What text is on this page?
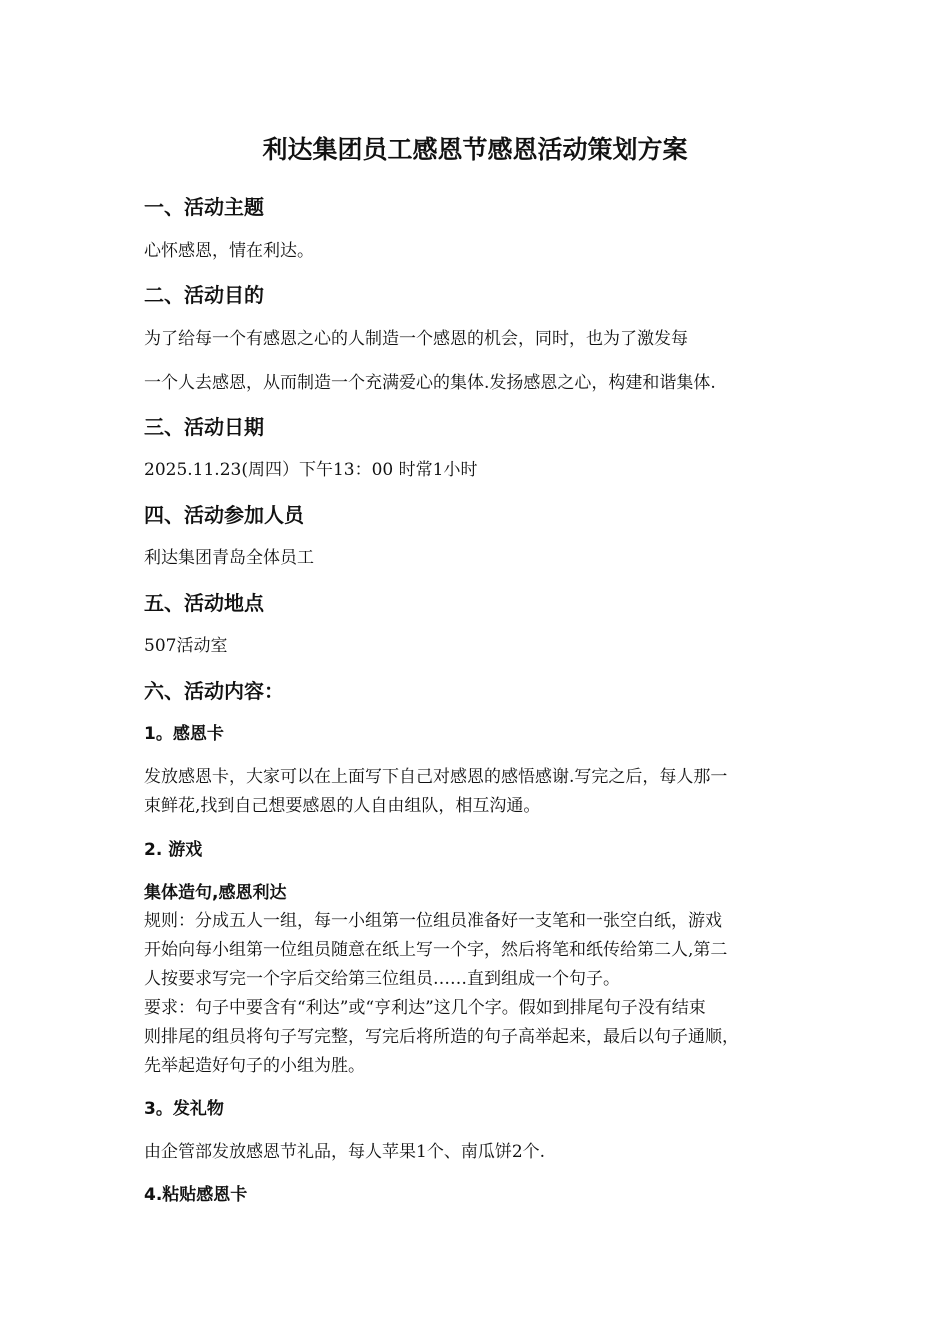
利达集团员工感恩节感恩活动策划方案
一、活动主题

心怀感恩，情在利达。

二、活动目的

为了给每一个有感恩之心的人制造一个感恩的机会，同时，也为了激发每

一个人去感恩，从而制造一个充满爱心的集体.发扬感恩之心，构建和谐集体.

三、活动日期

2025.11.23(周四）下午13：00 时常1小时

四、活动参加人员

利达集团青岛全体员工

五、活动地点

507活动室

六、活动内容：
1。感恩卡
发放感恩卡，大家可以在上面写下自己对感恩的感悟感谢.写完之后，每人那一
束鲜花,找到自己想要感恩的人自由组队，相互沟通。
2. 游戏
集体造句,感恩利达
规则：分成五人一组，每一小组第一位组员准备好一支笔和一张空白纸，游戏
开始向每小组第一位组员随意在纸上写一个字，然后将笔和纸传给第二人,第二
人按要求写完一个字后交给第三位组员……直到组成一个句子。
要求：句子中要含有“利达”或“亨利达”这几个字。假如到排尾句子没有结束
则排尾的组员将句子写完整，写完后将所造的句子高举起来，最后以句子通顺，
先举起造好句子的小组为胜。
3。发礼物

由企管部发放感恩节礼品，每人苹果1个、南瓜饼2个.

4.粘贴感恩卡
